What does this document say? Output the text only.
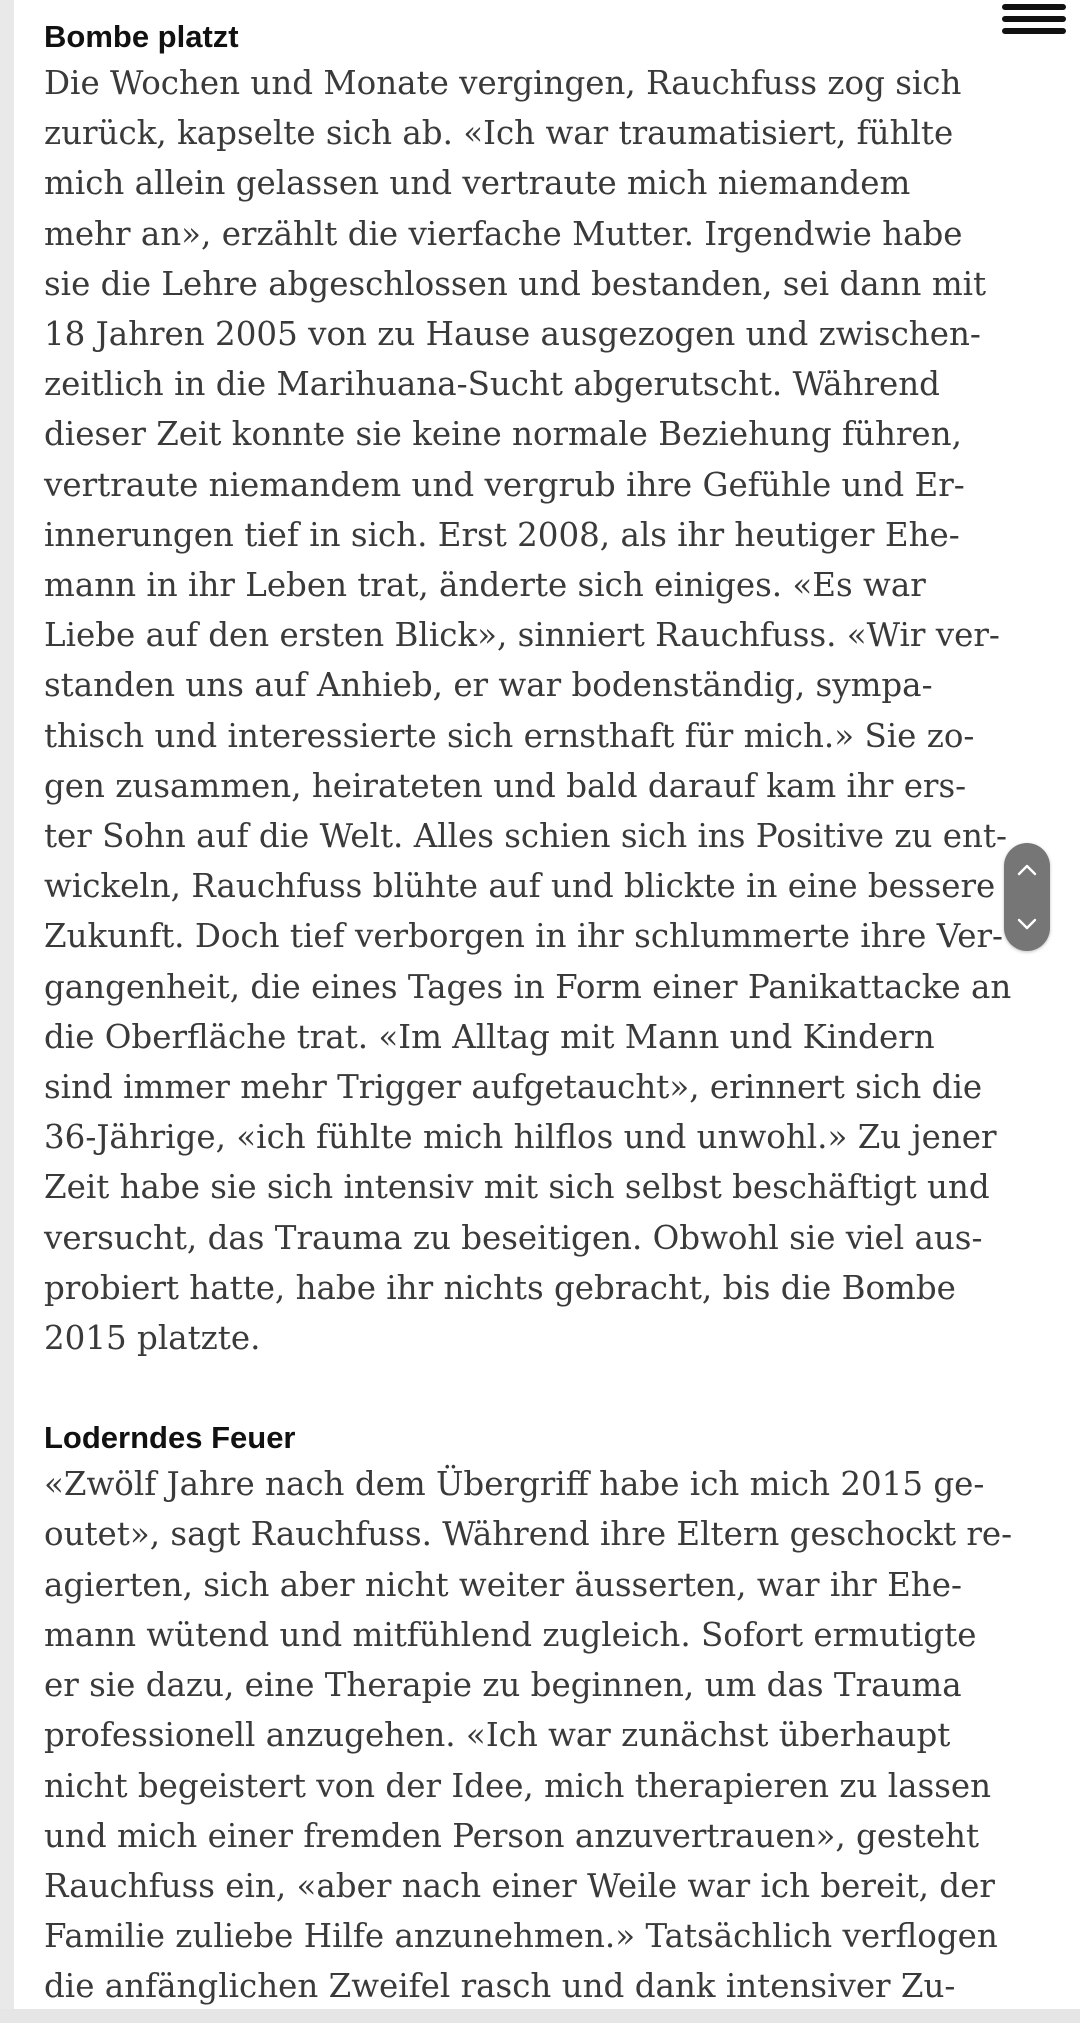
Bombe platzt

Die Wochen und Monate vergingen, Rauchfuss zog sich
zurück, kapselte sich ab. «Ich war traumatisiert, fühlte
mich allein gelassen und vertraute mich niemandem
mehr an», erzählt die vierfache Mutter. Irgendwie habe
sie die Lehre abgeschlossen und bestanden, sei dann mit
18 Jahren 2005 von zu Hause ausgezogen und zwischen-
zeitlich in die Marihuana-Sucht abgerutscht. Während
dieser Zeit konnte sie keine normale Beziehung führen,
vertraute niemandem und vergrub ihre Gefühle und Er-
innerungen tief in sich. Erst 2008, als ihr heutiger Ehe-
mann in ihr Leben trat, änderte sich einiges. «Es war
Liebe auf den ersten Blick», sinniert Rauchfuss. «Wir ver-
standen uns auf Anhieb, er war bodenständig, sympa-
thisch und interessierte sich ernsthaft für mich.» Sie zo-
gen zusammen, heirateten und bald darauf kam ihr ers-
ter Sohn auf die Welt. Alles schien sich ins Positive zu ent-
wickeln, Rauchfuss blühte auf und blickte in eine bessere
Zukunft. Doch tief verborgen in ihr schlummerte ihre Ver-
gangenheit, die eines Tages in Form einer Panikattacke an
die Oberfläche trat. «Im Alltag mit Mann und Kindern
sind immer mehr Trigger aufgetaucht», erinnert sich die
36-Jährige, «ich fühlte mich hilflos und unwohl.» Zu jener
Zeit habe sie sich intensiv mit sich selbst beschäftigt und
versucht, das Trauma zu beseitigen. Obwohl sie viel aus-
probiert hatte, habe ihr nichts gebracht, bis die Bombe
2015 platzte.

Loderndes Feuer

«Zwölf Jahre nach dem Übergriff habe ich mich 2015 ge-
outet», sagt Rauchfuss. Während ihre Eltern geschockt re-
agierten, sich aber nicht weiter äusserten, war ihr Ehe-
mann wütend und mitfühlend zugleich. Sofort ermutigte
er sie dazu, eine Therapie zu beginnen, um das Trauma
professionell anzugehen. «Ich war zunächst überhaupt
nicht begeistert von der Idee, mich therapieren zu lassen
und mich einer fremden Person anzuvertrauen», gesteht
Rauchfuss ein, «aber nach einer Weile war ich bereit, der
Familie zuliebe Hilfe anzunehmen.» Tatsächlich verflogen
die anfänglichen Zweifel rasch und dank intensiver Zu-
